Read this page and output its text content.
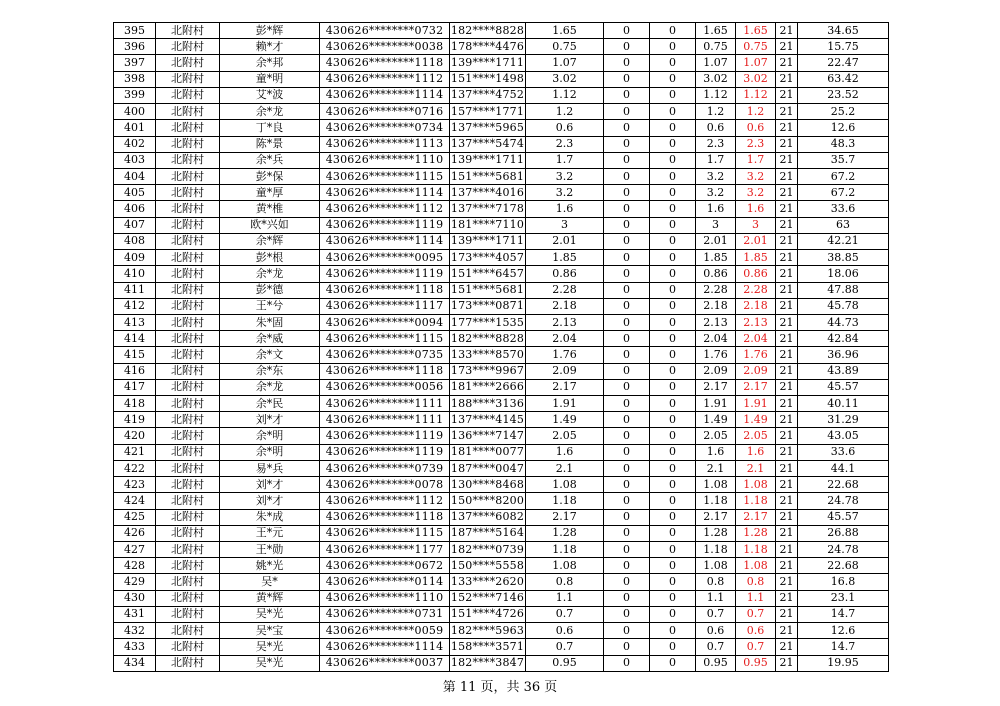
395	北附村	彭*辉	430626********0732	182****8828	1.65	0	0	1.65	1.65	21	34.65
396	北附村	赖*才	430626********0038	178****4476	0.75	0	0	0.75	0.75	21	15.75
397	北附村	余*邦	430626********1118	139****1711	1.07	0	0	1.07	1.07	21	22.47
398	北附村	童*明	430626********1112	151****1498	3.02	0	0	3.02	3.02	21	63.42
399	北附村	艾*波	430626********1114	137****4752	1.12	0	0	1.12	1.12	21	23.52
400	北附村	余*龙	430626********0716	157****1771	1.2	0	0	1.2	1.2	21	25.2
401	北附村	丁*良	430626********0734	137****5965	0.6	0	0	0.6	0.6	21	12.6
402	北附村	陈*景	430626********1113	137****5474	2.3	0	0	2.3	2.3	21	48.3
403	北附村	余*兵	430626********1110	139****1711	1.7	0	0	1.7	1.7	21	35.7
404	北附村	彭*保	430626********1115	151****5681	3.2	0	0	3.2	3.2	21	67.2
405	北附村	童*厚	430626********1114	137****4016	3.2	0	0	3.2	3.2	21	67.2
406	北附村	黄*椎	430626********1112	137****7178	1.6	0	0	1.6	1.6	21	33.6
407	北附村	欧*兴如	430626********1119	181****7110	3	0	0	3	3	21	63
408	北附村	余*辉	430626********1114	139****1711	2.01	0	0	2.01	2.01	21	42.21
409	北附村	彭*根	430626********0095	173****4057	1.85	0	0	1.85	1.85	21	38.85
410	北附村	余*龙	430626********1119	151****6457	0.86	0	0	0.86	0.86	21	18.06
411	北附村	彭*德	430626********1118	151****5681	2.28	0	0	2.28	2.28	21	47.88
412	北附村	王*兮	430626********1117	173****0871	2.18	0	0	2.18	2.18	21	45.78
413	北附村	朱*固	430626********0094	177****1535	2.13	0	0	2.13	2.13	21	44.73
414	北附村	余*威	430626********1115	182****8828	2.04	0	0	2.04	2.04	21	42.84
415	北附村	余*文	430626********0735	133****8570	1.76	0	0	1.76	1.76	21	36.96
416	北附村	余*东	430626********1118	173****9967	2.09	0	0	2.09	2.09	21	43.89
417	北附村	余*龙	430626********0056	181****2666	2.17	0	0	2.17	2.17	21	45.57
418	北附村	余*民	430626********1111	188****3136	1.91	0	0	1.91	1.91	21	40.11
419	北附村	刘*才	430626********1111	137****4145	1.49	0	0	1.49	1.49	21	31.29
420	北附村	余*明	430626********1119	136****7147	2.05	0	0	2.05	2.05	21	43.05
421	北附村	余*明	430626********1119	181****0077	1.6	0	0	1.6	1.6	21	33.6
422	北附村	易*兵	430626********0739	187****0047	2.1	0	0	2.1	2.1	21	44.1
423	北附村	刘*才	430626********0078	130****8468	1.08	0	0	1.08	1.08	21	22.68
424	北附村	刘*才	430626********1112	150****8200	1.18	0	0	1.18	1.18	21	24.78
425	北附村	朱*成	430626********1118	137****6082	2.17	0	0	2.17	2.17	21	45.57
426	北附村	王*元	430626********1115	187****5164	1.28	0	0	1.28	1.28	21	26.88
427	北附村	王*勋	430626********1177	182****0739	1.18	0	0	1.18	1.18	21	24.78
428	北附村	姚*光	430626********0672	150****5558	1.08	0	0	1.08	1.08	21	22.68
429	北附村	吴*	430626********0114	133****2620	0.8	0	0	0.8	0.8	21	16.8
430	北附村	黄*辉	430626********1110	152****7146	1.1	0	0	1.1	1.1	21	23.1
431	北附村	吴*光	430626********0731	151****4726	0.7	0	0	0.7	0.7	21	14.7
432	北附村	吴*宝	430626********0059	182****5963	0.6	0	0	0.6	0.6	21	12.6
433	北附村	吴*光	430626********1114	158****3571	0.7	0	0	0.7	0.7	21	14.7
434	北附村	吴*光	430626********0037	182****3847	0.95	0	0	0.95	0.95	21	19.95
第 11 页，共 36 页
